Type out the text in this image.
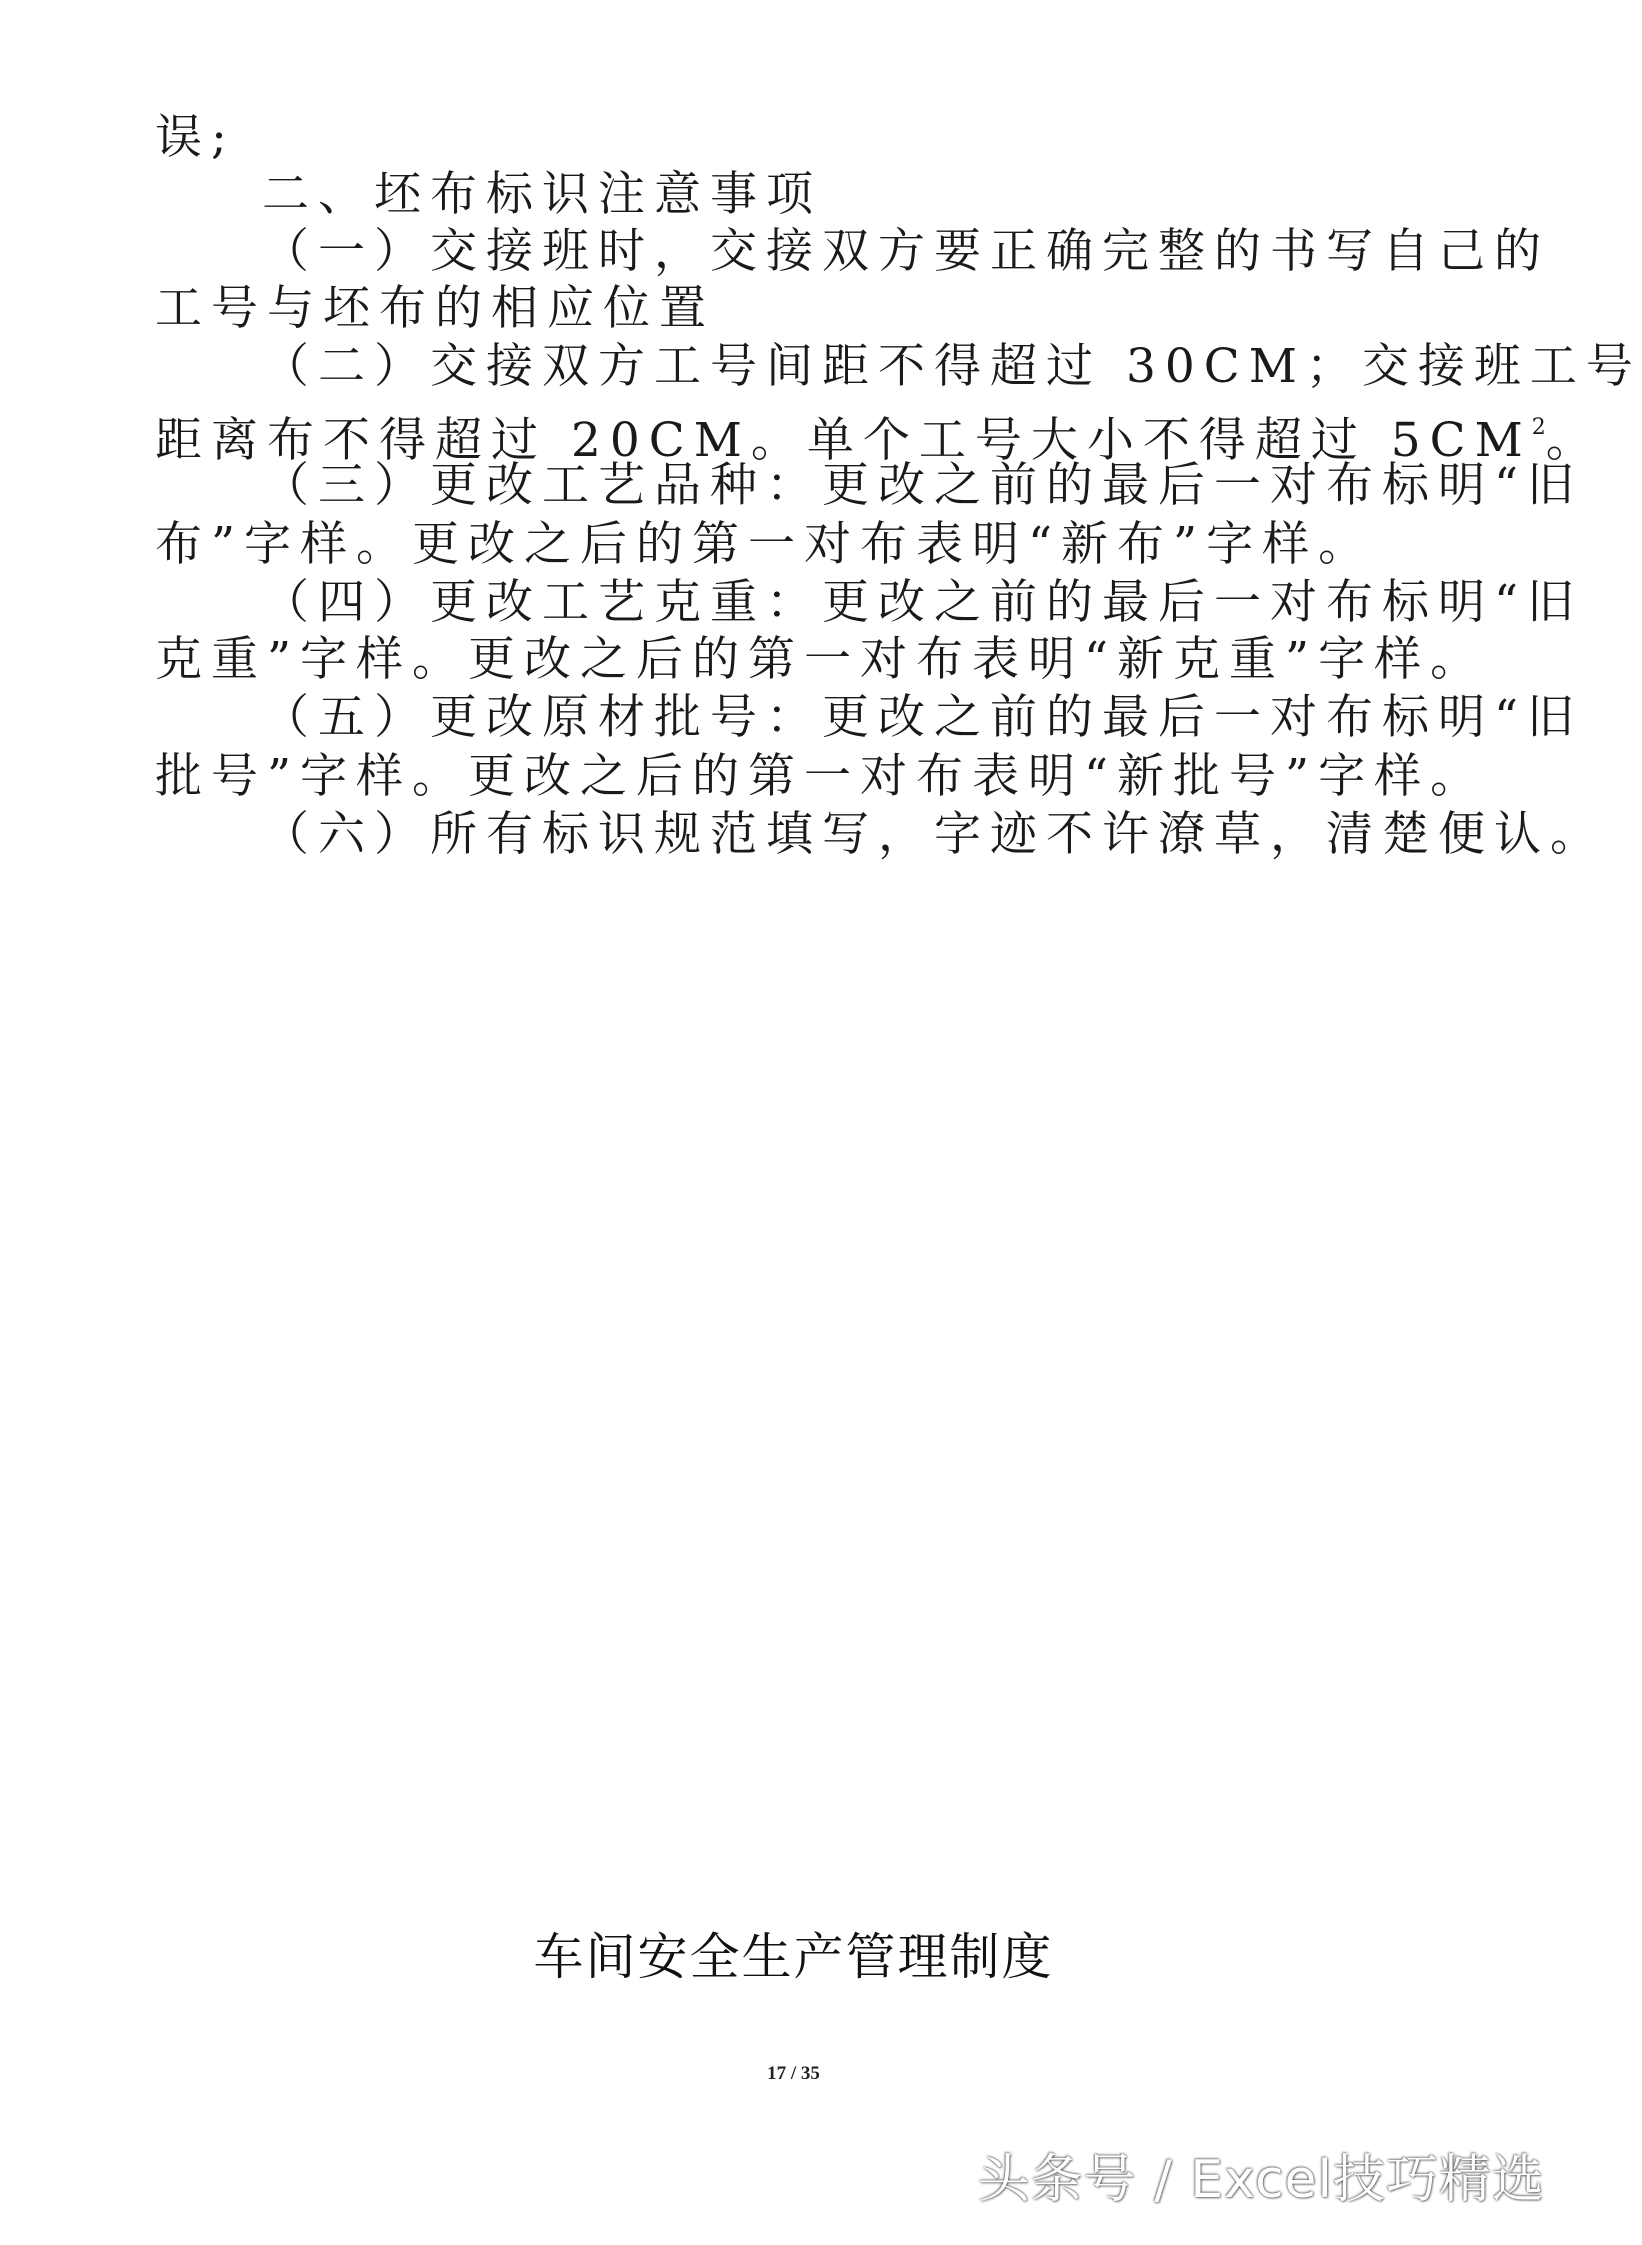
误;
二、坯布标识注意事项
（一）交接班时，交接双方要正确完整的书写自己的
工号与坯布的相应位置
（二）交接双方工号间距不得超过 30CM；交接班工号
距离布不得超过 20CM。单个工号大小不得超过 $5CM^2$。
（三）更改工艺品种：更改之前的最后一对布标明“旧
布”字样。更改之后的第一对布表明“新布”字样。
（四）更改工艺克重：更改之前的最后一对布标明“旧
克重”字样。更改之后的第一对布表明“新克重”字样。
（五）更改原材批号：更改之前的最后一对布标明“旧
批号”字样。更改之后的第一对布表明“新批号”字样。
（六）所有标识规范填写，字迹不许潦草，清楚便认。
车间安全生产管理制度
17 / 35
头条号 / Excel技巧精选
